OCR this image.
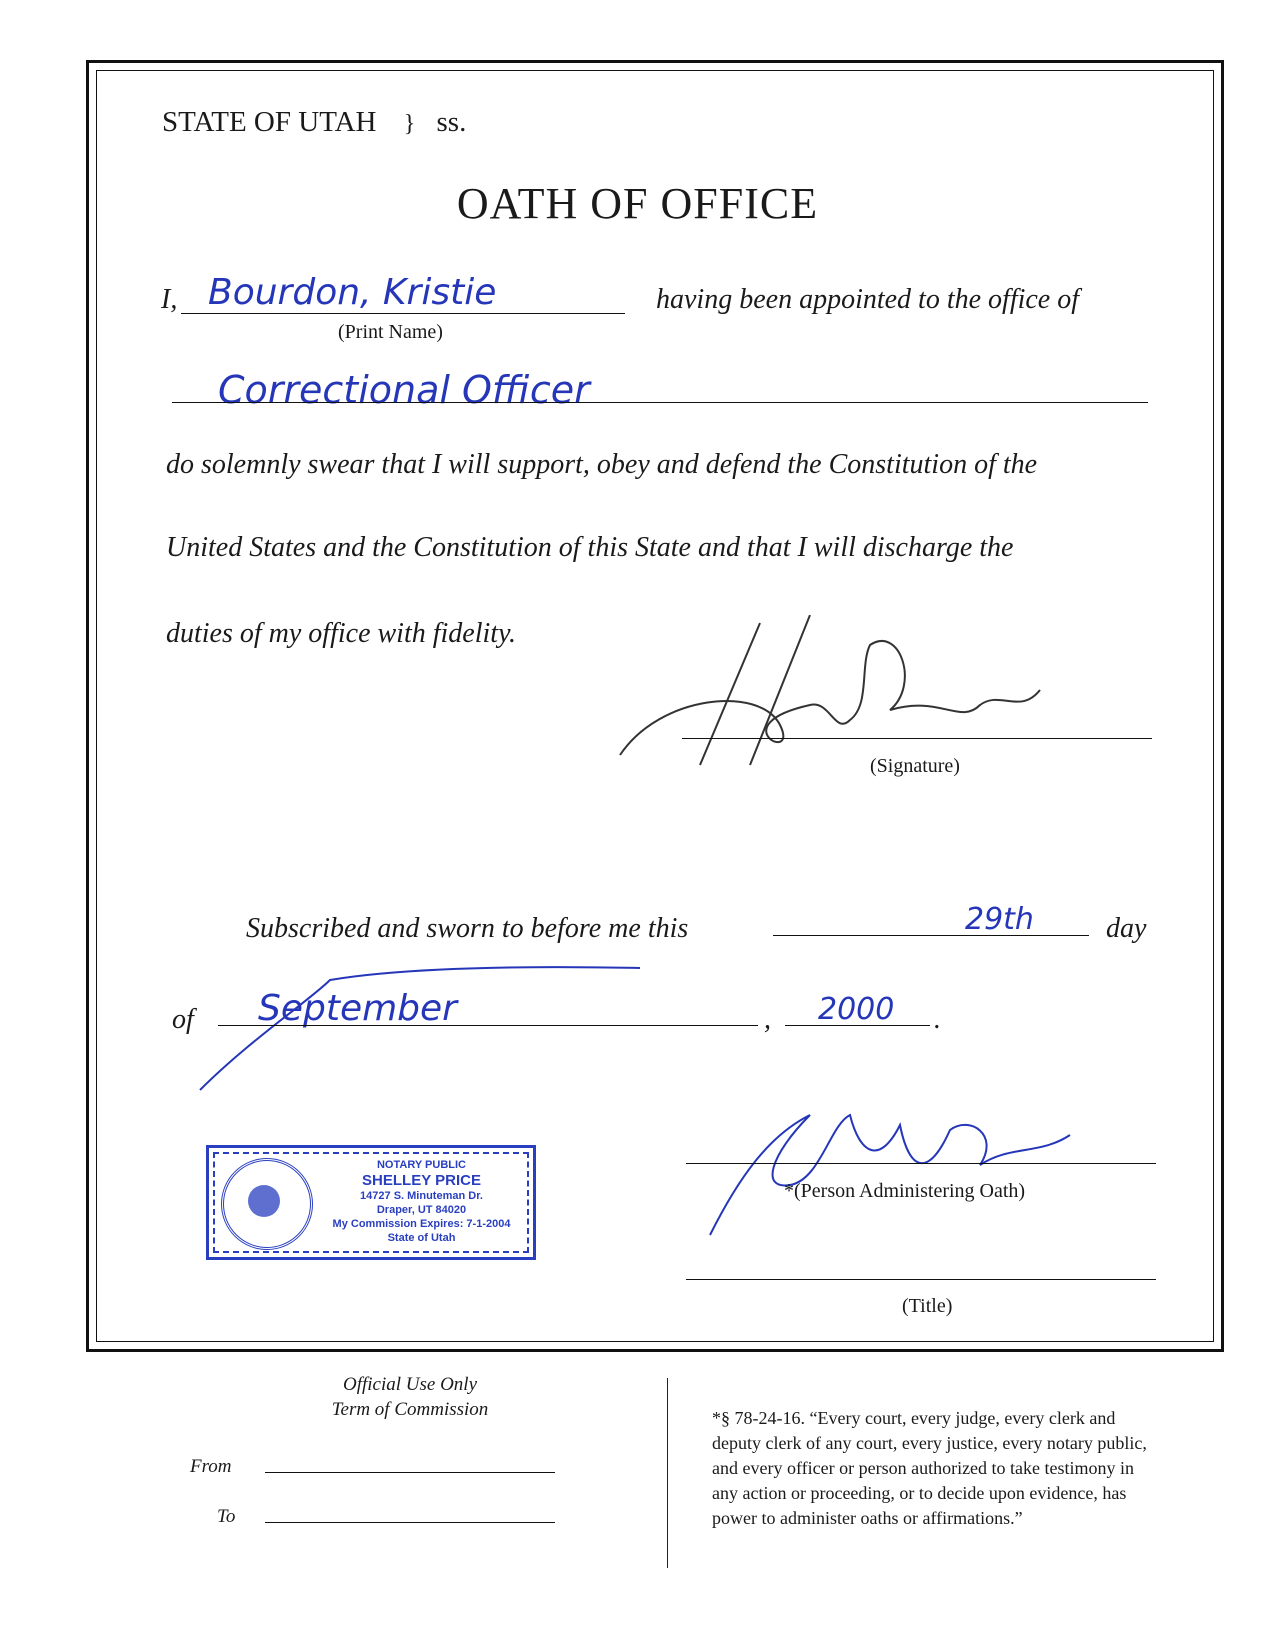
STATE OF UTAH } ss.
OATH OF OFFICE
I, Bourdon, Kristie
(Print Name)
having been appointed to the office of
Correctional Officer
do solemnly swear that I will support, obey and defend the Constitution of the
United States and the Constitution of this State and that I will discharge the
duties of my office with fidelity.
(Signature)
Subscribed and sworn to before me this	29th	day
of September	, 2000 .
*(Person Administering Oath)
(Title)
NOTARY PUBLIC
SHELLEY PRICE
14727 S. Minuteman Dr.
Draper, UT 84020
My Commission Expires: 7-1-2004
State of Utah
Official Use Only
Term of Commission
From
To
*§ 78-24-16. “Every court, every judge, every clerk and
deputy clerk of any court, every justice, every notary public,
and every officer or person authorized to take testimony in
any action or proceeding, or to decide upon evidence, has
power to administer oaths or affirmations.”
